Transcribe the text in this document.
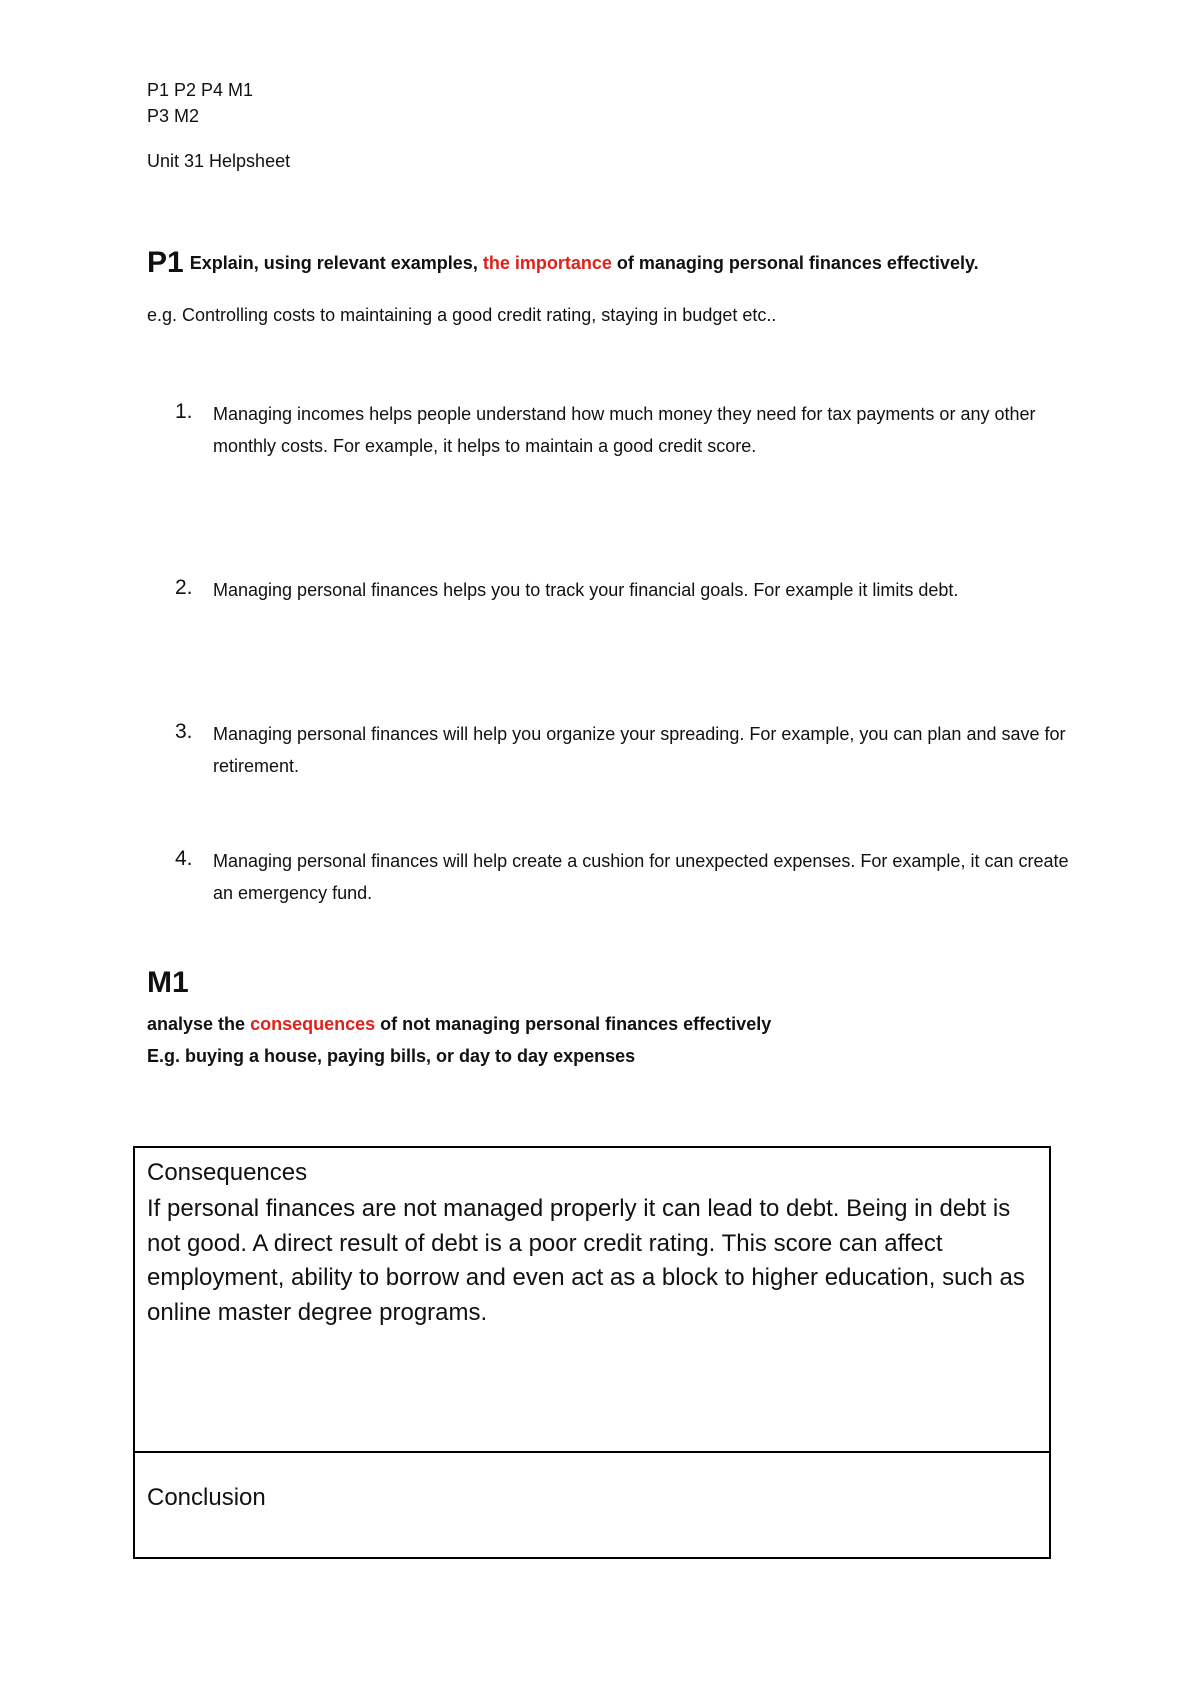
P1 P2 P4 M1
P3 M2
Unit 31 Helpsheet
P1 Explain, using relevant examples, the importance of managing personal finances effectively.
e.g. Controlling costs to maintaining a good credit rating, staying in budget etc..
1. Managing incomes helps people understand how much money they need for tax payments or any other monthly costs. For example, it helps to maintain a good credit score.
2. Managing personal finances helps you to track your financial goals. For example it limits debt.
3. Managing personal finances will help you organize your spreading. For example, you can plan and save for retirement.
4. Managing personal finances will help create a cushion for unexpected expenses. For example, it can create an emergency fund.
M1
analyse the consequences of not managing personal finances effectively
E.g. buying a house, paying bills, or day to day expenses
Consequences
If personal finances are not managed properly it can lead to debt. Being in debt is not good. A direct result of debt is a poor credit rating. This score can affect employment, ability to borrow and even act as a block to higher education, such as online master degree programs.
Conclusion
